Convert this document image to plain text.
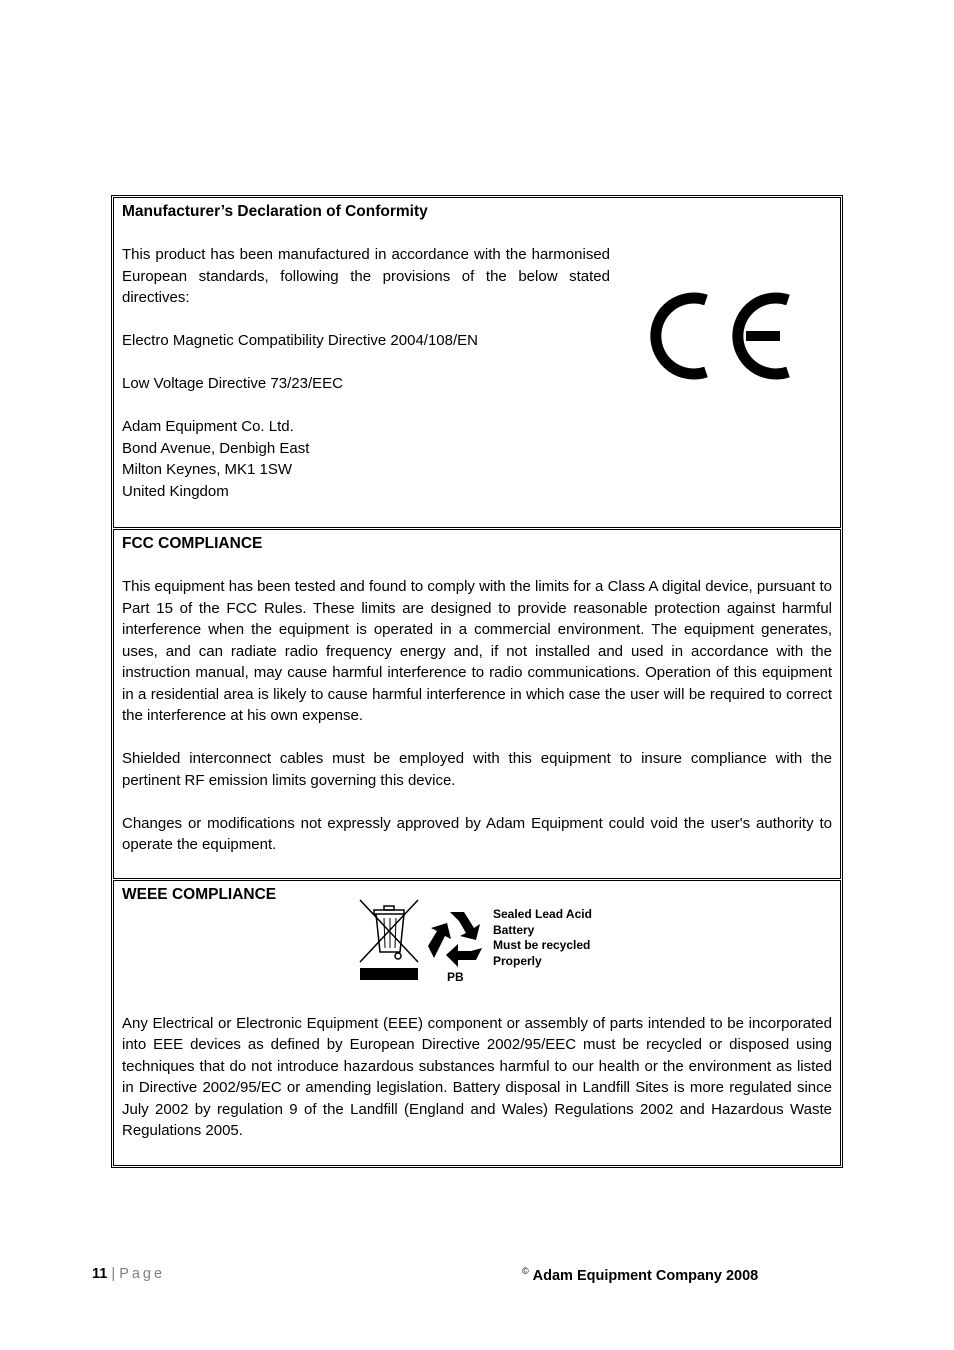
Manufacturer’s Declaration of Conformity

This product has been manufactured in accordance with the harmonised European standards, following the provisions of the below stated directives:

Electro Magnetic Compatibility Directive 2004/108/EN

Low Voltage Directive 73/23/EEC

Adam Equipment Co. Ltd.

Bond Avenue, Denbigh East

Milton Keynes, MK1 1SW

United Kingdom

FCC COMPLIANCE

This equipment has been tested and found to comply with the limits for a Class A digital device, pursuant to Part 15 of the FCC Rules. These limits are designed to provide reasonable protection against harmful interference when the equipment is operated in a commercial environment. The equipment generates, uses, and can radiate radio frequency energy and, if not installed and used in accordance with the instruction manual, may cause harmful interference to radio communications. Operation of this equipment in a residential area is likely to cause harmful interference in which case the user will be required to correct the interference at his own expense.

Shielded interconnect cables must be employed with this equipment to insure compliance with the pertinent RF emission limits governing this device.

Changes or modifications not expressly approved by Adam Equipment could void the user's authority to operate the equipment.

WEEE COMPLIANCE

Sealed Lead Acid
Battery
Must be recycled
Properly
PB

Any Electrical or Electronic Equipment (EEE) component or assembly of parts intended to be incorporated into EEE devices as defined by European Directive 2002/95/EEC must be recycled or disposed using techniques that do not introduce hazardous substances harmful to our health or the environment as listed in Directive 2002/95/EC or amending legislation. Battery disposal in Landfill Sites is more regulated since July 2002 by regulation 9 of the Landfill (England and Wales) Regulations 2002 and Hazardous Waste Regulations 2005.

11 | Page	© Adam Equipment Company 2008
